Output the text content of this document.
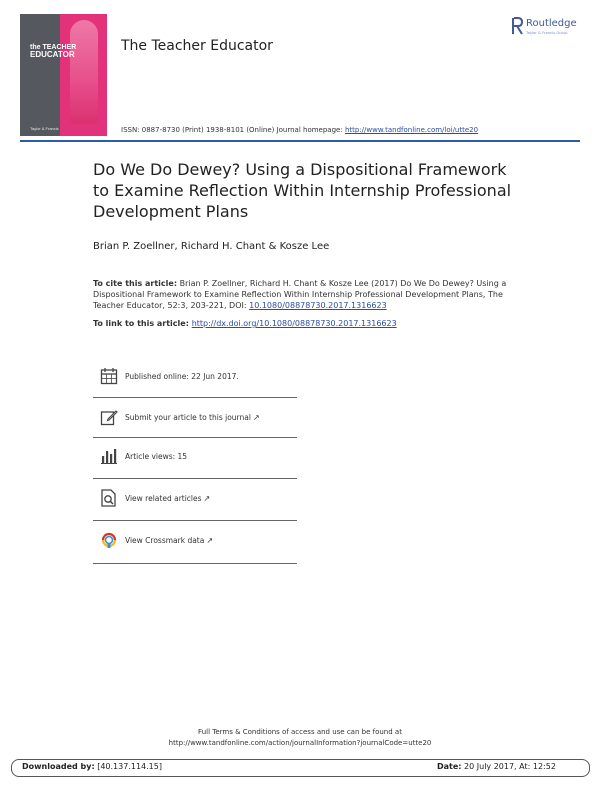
the TEACHER
EDUCATOR
Taylor & Francis
The Teacher Educator
Routledge
Taylor & Francis Group
ISSN: 0887-8730 (Print) 1938-8101 (Online) Journal homepage: http://www.tandfonline.com/loi/utte20
Do We Do Dewey? Using a Dispositional Framework to Examine Reflection Within Internship Professional Development Plans
Brian P. Zoellner, Richard H. Chant & Kosze Lee
To cite this article: Brian P. Zoellner, Richard H. Chant & Kosze Lee (2017) Do We Do Dewey? Using a Dispositional Framework to Examine Reflection Within Internship Professional Development Plans, The Teacher Educator, 52:3, 203-221, DOI: 10.1080/08878730.2017.1316623
To link to this article: http://dx.doi.org/10.1080/08878730.2017.1316623
Published online: 22 Jun 2017.
Submit your article to this journal ↗
Article views: 15
View related articles ↗
View Crossmark data ↗
Full Terms & Conditions of access and use can be found at
http://www.tandfonline.com/action/journalInformation?journalCode=utte20
Downloaded by: [40.137.114.15]	Date: 20 July 2017, At: 12:52
